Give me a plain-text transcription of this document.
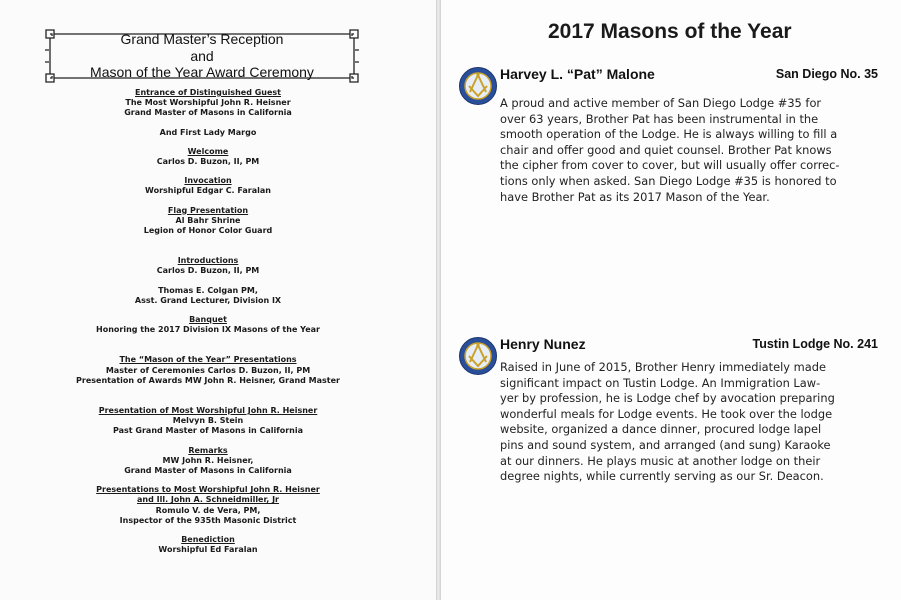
Grand Master’s Reception
and
Mason of the Year Award Ceremony
Entrance of Distinguished Guest
The Most Worshipful John R. Heisner
Grand Master of Masons in California
And First Lady Margo
Welcome
Carlos D. Buzon, II, PM
Invocation
Worshipful Edgar C. Faralan
Flag Presentation
Al Bahr Shrine
Legion of Honor Color Guard
Introductions
Carlos D. Buzon, II, PM
Thomas E. Colgan PM,
Asst. Grand Lecturer, Division IX
Banquet
Honoring the 2017 Division IX Masons of the Year
The “Mason of the Year” Presentations
Master of Ceremonies Carlos D. Buzon, II, PM
Presentation of Awards MW John R. Heisner, Grand Master
Presentation of Most Worshipful John R. Heisner
Melvyn B. Stein
Past Grand Master of Masons in California
Remarks
MW John R. Heisner,
Grand Master of Masons in California
Presentations to Most Worshipful John R. Heisner
and Ill. John A. Schneidmiller, Jr
Romulo V. de Vera, PM,
Inspector of the 935th Masonic District
Benediction
Worshipful Ed Faralan
2017 Masons of the Year
Harvey L. “Pat” Malone	San Diego No. 35
A proud and active member of San Diego Lodge #35 for
over 63 years, Brother Pat has been instrumental in the
smooth operation of the Lodge. He is always willing to fill a
chair and offer good and quiet counsel. Brother Pat knows
the cipher from cover to cover, but will usually offer correc-
tions only when asked. San Diego Lodge #35 is honored to
have Brother Pat as its 2017 Mason of the Year.
Henry Nunez	Tustin Lodge No. 241
Raised in June of 2015, Brother Henry immediately made
significant impact on Tustin Lodge. An Immigration Law-
yer by profession, he is Lodge chef by avocation preparing
wonderful meals for Lodge events. He took over the lodge
website, organized a dance dinner, procured lodge lapel
pins and sound system, and arranged (and sung) Karaoke
at our dinners. He plays music at another lodge on their
degree nights, while currently serving as our Sr. Deacon.
